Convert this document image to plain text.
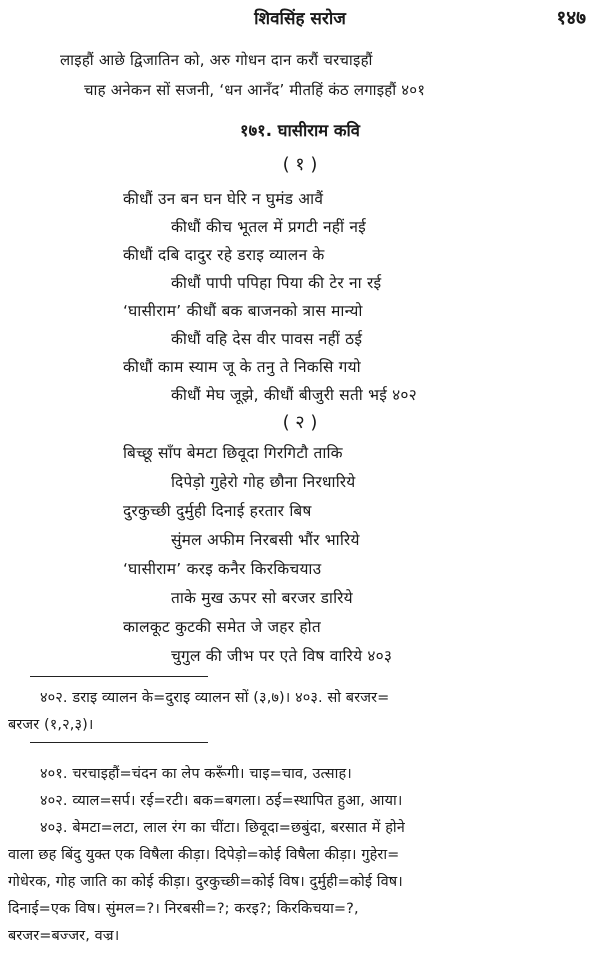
शिवसिंह सरोज	१४७
लाइहौं आछे द्विजातिन को, अरु गोधन दान करौं चरचाइहौं
चाह अनेकन सों सजनी, ‘धन आनँद’ मीतहिं कंठ लगाइहौं ४०१
१७१. घासीराम कवि
( १ )
कीधौं उन बन घन घेरि न घुमंड आवैं
कीधौं कीच भूतल में प्रगटी नहीं नई
कीधौं दबि दादुर रहे डराइ व्यालन के
कीधौं पापी पपिहा पिया की टेर ना रई
‘घासीराम’ कीधौं बक बाजनको त्रास मान्यो
कीधौं वहि देस वीर पावस नहीं ठई
कीधौं काम स्याम जू के तनु ते निकसि गयो
कीधौं मेघ जूझे, कीधौं बीजुरी सती भई ४०२
( २ )
बिच्छू साँप बेमटा छिवूदा गिरगिटौ ताकि
दिपेड़ो गुहेरो गोह छौना निरधारिये
दुरकुच्छी दुर्मुही दिनाई हरतार बिष
सुंमल अफीम निरबसी भौंर भारिये
‘घासीराम’ करइ कनैर किरकिचयाउ
ताके मुख ऊपर सो बरजर डारिये
कालकूट कुटकी समेत जे जहर होत
चुगुल की जीभ पर एते विष वारिये ४०३
४०२. डराइ व्यालन के=दुराइ व्यालन सों (३,७)। ४०३. सो बरजर=
बरजर (१,२,३)।
४०१. चरचाइहौं=चंदन का लेप करूँगी। चाइ=चाव, उत्साह।
४०२. व्याल=सर्प। रई=रटी। बक=बगला। ठई=स्थापित हुआ, आया।
४०३. बेमटा=लटा, लाल रंग का चींटा। छिवूदा=छबुंदा, बरसात में होने
वाला छह बिंदु युक्त एक विषैला कीड़ा। दिपेड़ो=कोई विषैला कीड़ा। गुहेरा=
गोधेरक, गोह जाति का कोई कीड़ा। दुरकुच्छी=कोई विष। दुर्मुही=कोई विष।
दिनाई=एक विष। सुंमल=?। निरबसी=?; करइ?; किरकिचया=?,
बरजर=बज्जर, वज्र।
